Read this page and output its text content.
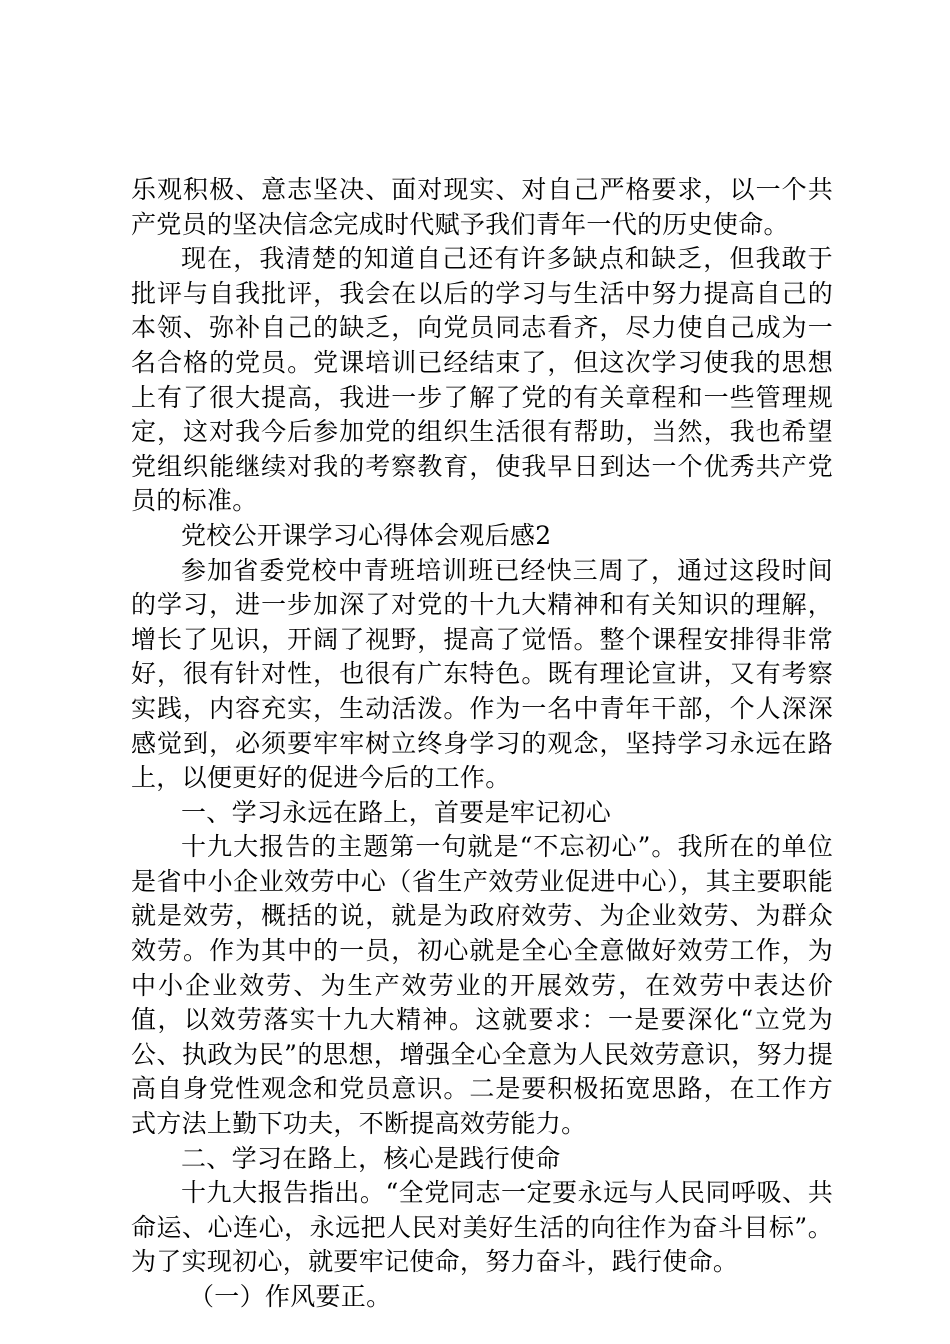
乐观积极、意志坚决、面对现实、对自己严格要求，以一个共产党员的坚决信念完成时代赋予我们青年一代的历史使命。

现在，我清楚的知道自己还有许多缺点和缺乏，但我敢于批评与自我批评，我会在以后的学习与生活中努力提高自己的本领、弥补自己的缺乏，向党员同志看齐，尽力使自己成为一名合格的党员。党课培训已经结束了，但这次学习使我的思想上有了很大提高，我进一步了解了党的有关章程和一些管理规定，这对我今后参加党的组织生活很有帮助，当然，我也希望党组织能继续对我的考察教育，使我早日到达一个优秀共产党员的标准。

党校公开课学习心得体会观后感2

参加省委党校中青班培训班已经快三周了，通过这段时间的学习，进一步加深了对党的十九大精神和有关知识的理解，增长了见识，开阔了视野，提高了觉悟。整个课程安排得非常好，很有针对性，也很有广东特色。既有理论宣讲，又有考察实践，内容充实，生动活泼。作为一名中青年干部，个人深深感觉到，必须要牢牢树立终身学习的观念，坚持学习永远在路上，以便更好的促进今后的工作。

一、学习永远在路上，首要是牢记初心

十九大报告的主题第一句就是“不忘初心”。我所在的单位是省中小企业效劳中心（省生产效劳业促进中心），其主要职能就是效劳，概括的说，就是为政府效劳、为企业效劳、为群众效劳。作为其中的一员，初心就是全心全意做好效劳工作，为中小企业效劳、为生产效劳业的开展效劳，在效劳中表达价值，以效劳落实十九大精神。这就要求：一是要深化“立党为公、执政为民”的思想，增强全心全意为人民效劳意识，努力提高自身党性观念和党员意识。二是要积极拓宽思路，在工作方式方法上勤下功夫，不断提高效劳能力。

二、学习在路上，核心是践行使命

十九大报告指出。“全党同志一定要永远与人民同呼吸、共命运、心连心，永远把人民对美好生活的向往作为奋斗目标”。为了实现初心，就要牢记使命，努力奋斗，践行使命。

（一）作风要正。
